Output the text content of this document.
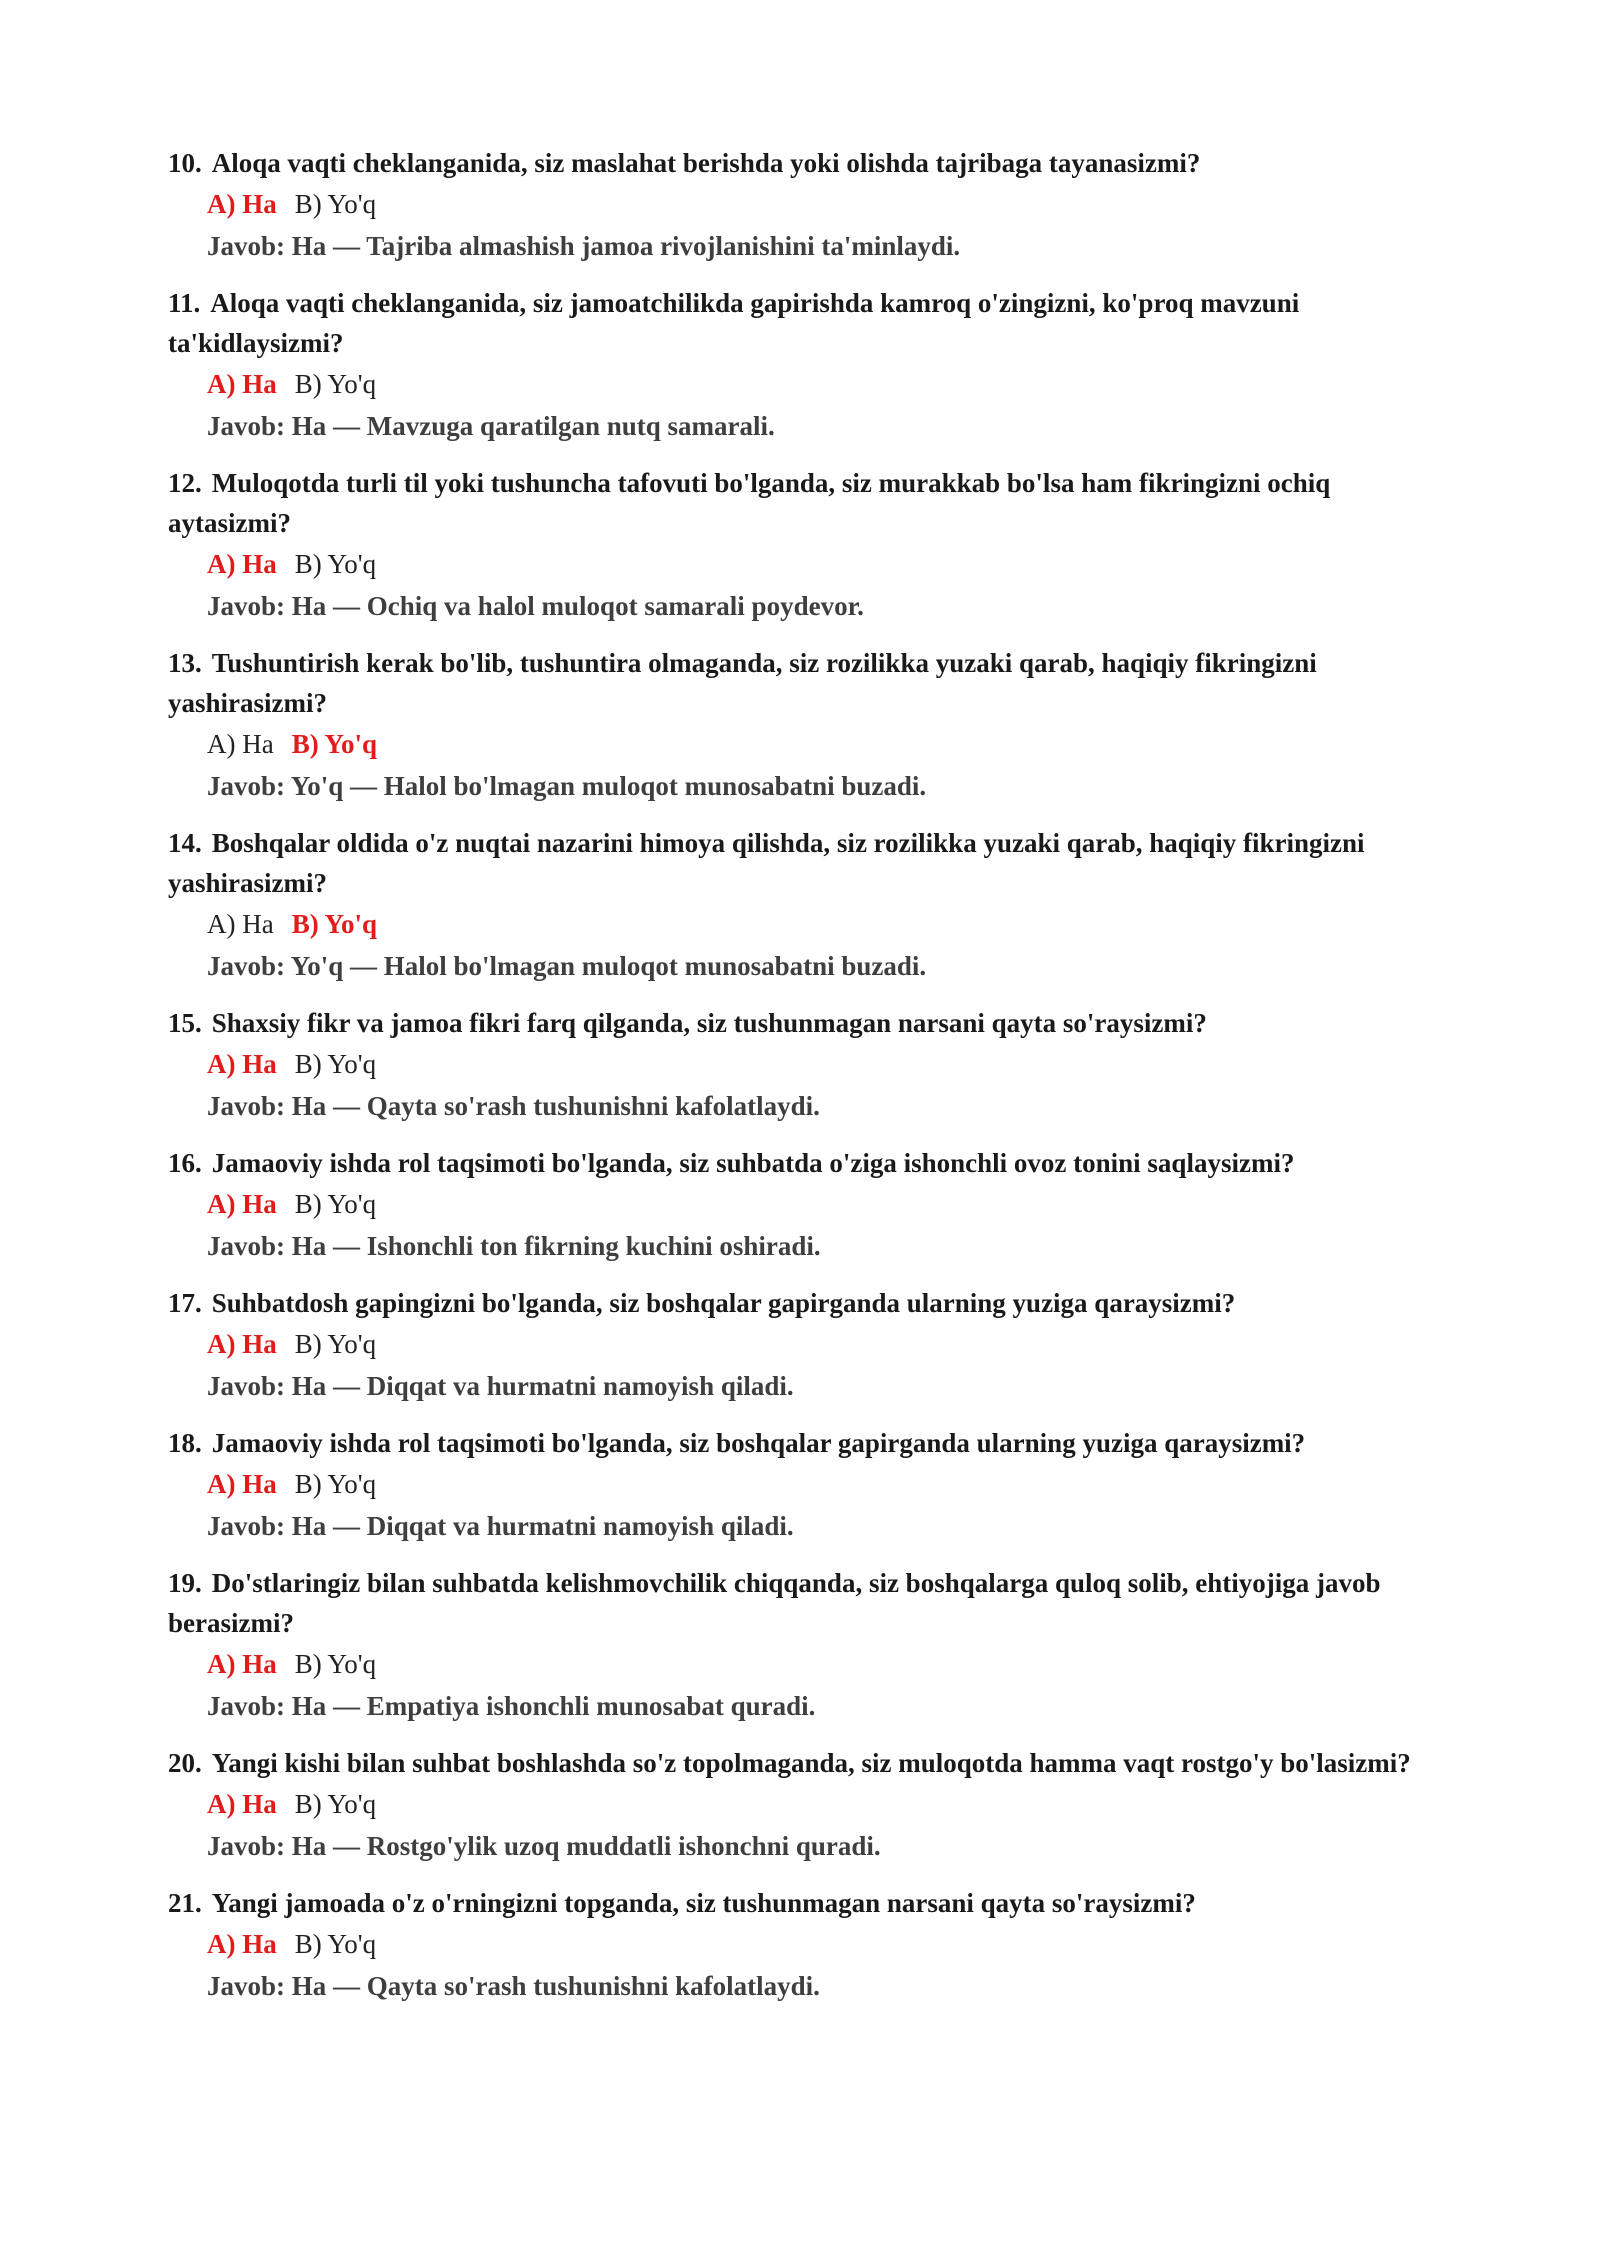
10. Aloqa vaqti cheklanganida, siz maslahat berishda yoki olishda tajribaga tayanasizmi?
A) Ha B) Yo'q
Javob: Ha — Tajriba almashish jamoa rivojlanishini ta'minlaydi.
11. Aloqa vaqti cheklanganida, siz jamoatchilikda gapirishda kamroq o'zingizni, ko'proq mavzuni ta'kidlaysizmi?
A) Ha B) Yo'q
Javob: Ha — Mavzuga qaratilgan nutq samarali.
12. Muloqotda turli til yoki tushuncha tafovuti bo'lganda, siz murakkab bo'lsa ham fikringizni ochiq aytasizmi?
A) Ha B) Yo'q
Javob: Ha — Ochiq va halol muloqot samarali poydevor.
13. Tushuntirish kerak bo'lib, tushuntira olmaganda, siz rozilikka yuzaki qarab, haqiqiy fikringizni yashirasizmi?
A) Ha B) Yo'q
Javob: Yo'q — Halol bo'lmagan muloqot munosabatni buzadi.
14. Boshqalar oldida o'z nuqtai nazarini himoya qilishda, siz rozilikka yuzaki qarab, haqiqiy fikringizni yashirasizmi?
A) Ha B) Yo'q
Javob: Yo'q — Halol bo'lmagan muloqot munosabatni buzadi.
15. Shaxsiy fikr va jamoa fikri farq qilganda, siz tushunmagan narsani qayta so'raysizmi?
A) Ha B) Yo'q
Javob: Ha — Qayta so'rash tushunishni kafolatlaydi.
16. Jamaoviy ishda rol taqsimoti bo'lganda, siz suhbatda o'ziga ishonchli ovoz tonini saqlaysizmi?
A) Ha B) Yo'q
Javob: Ha — Ishonchli ton fikrning kuchini oshiradi.
17. Suhbatdosh gapingizni bo'lganda, siz boshqalar gapirganda ularning yuziga qaraysizmi?
A) Ha B) Yo'q
Javob: Ha — Diqqat va hurmatni namoyish qiladi.
18. Jamaoviy ishda rol taqsimoti bo'lganda, siz boshqalar gapirganda ularning yuziga qaraysizmi?
A) Ha B) Yo'q
Javob: Ha — Diqqat va hurmatni namoyish qiladi.
19. Do'stlaringiz bilan suhbatda kelishmovchilik chiqqanda, siz boshqalarga quloq solib, ehtiyojiga javob berasizmi?
A) Ha B) Yo'q
Javob: Ha — Empatiya ishonchli munosabat quradi.
20. Yangi kishi bilan suhbat boshlashda so'z topolmaganda, siz muloqotda hamma vaqt rostgo'y bo'lasizmi?
A) Ha B) Yo'q
Javob: Ha — Rostgo'ylik uzoq muddatli ishonchni quradi.
21. Yangi jamoada o'z o'rningizni topganda, siz tushunmagan narsani qayta so'raysizmi?
A) Ha B) Yo'q
Javob: Ha — Qayta so'rash tushunishni kafolatlaydi.
